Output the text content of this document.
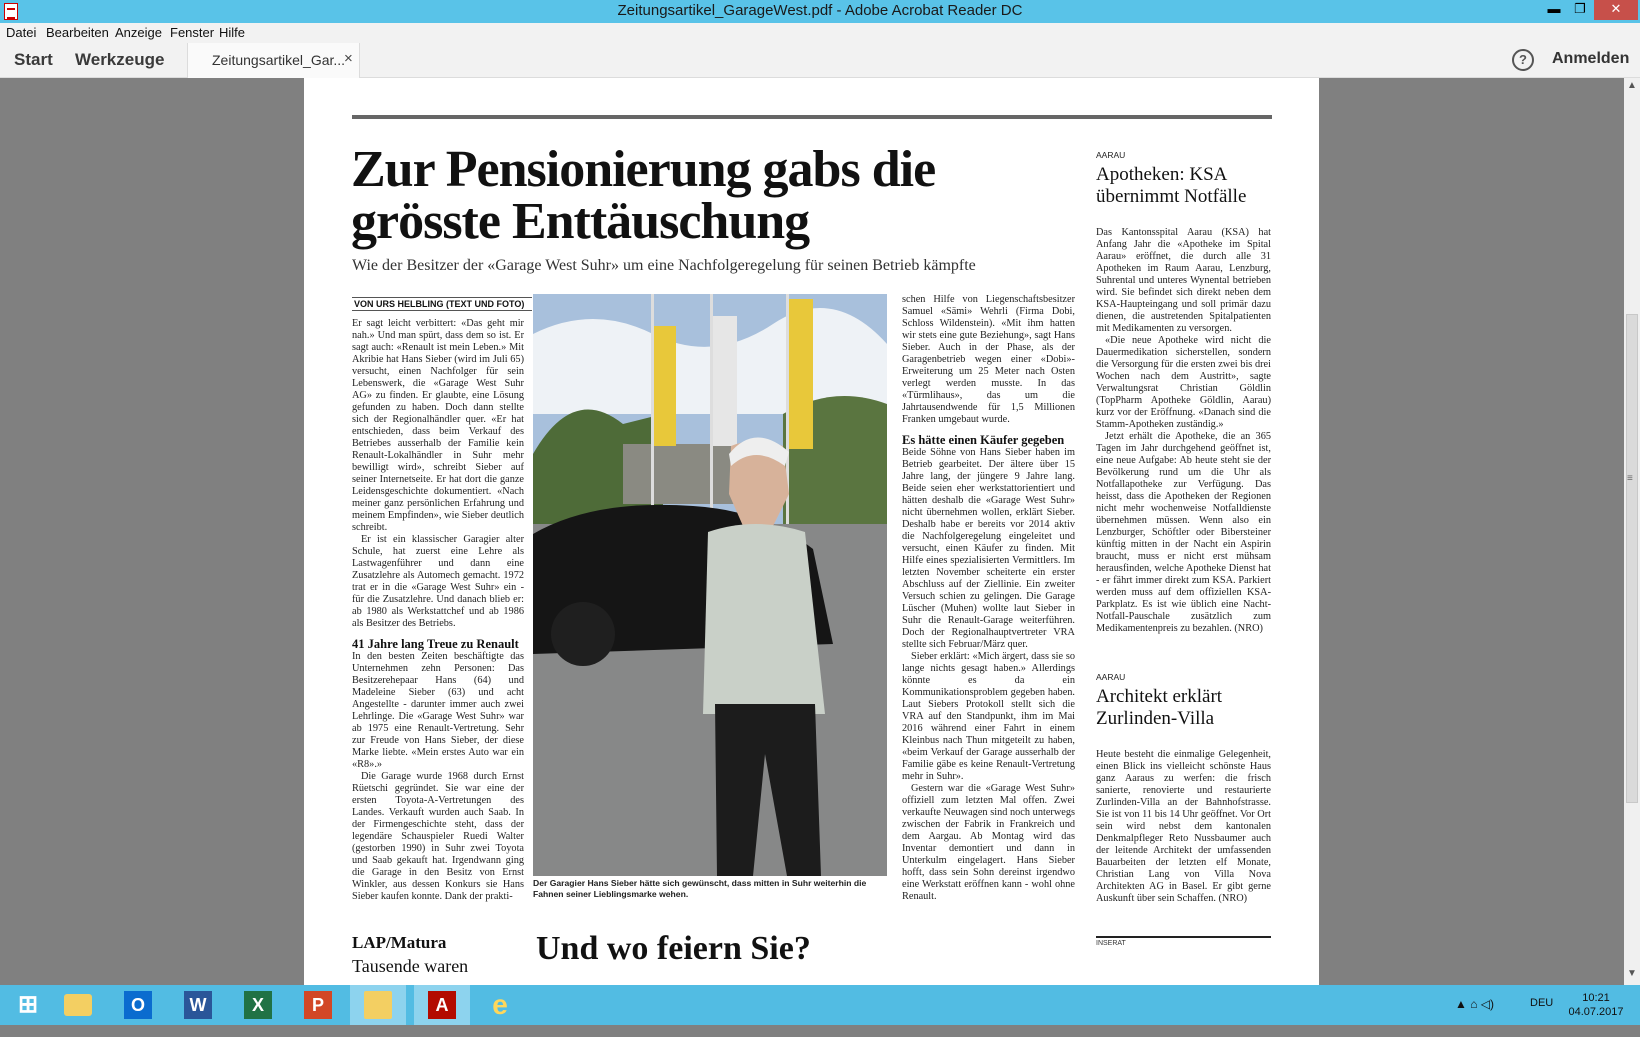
Zeitungsartikel_GarageWest.pdf - Adobe Acrobat Reader DC	▬	❐	✕
Datei Bearbeiten Anzeige Fenster Hilfe
Start Werkzeuge	Zeitungsartikel_Gar...
×	?	Anmelden
Zur Pensionierung gabs die grösste Enttäuschung
Wie der Besitzer der «Garage West Suhr» um eine Nachfolgeregelung für seinen Betrieb kämpfte
VON URS HELBLING (TEXT UND FOTO)

Er sagt leicht verbittert: «Das geht mir nah.» Und man spürt, dass dem so ist. Er sagt auch: «Renault ist mein Leben.» Mit Akribie hat Hans Sieber (wird im Juli 65) versucht, einen Nachfolger für sein Lebenswerk, die «Garage West Suhr AG» zu finden. Er glaubte, eine Lösung gefunden zu haben. Doch dann stellte sich der Regionalhändler quer. «Er hat entschieden, dass beim Verkauf des Betriebes ausserhalb der Familie kein Renault-Lokalhändler in Suhr mehr bewilligt wird», schreibt Sieber auf seiner Internetseite. Er hat dort die ganze Leidensgeschichte dokumentiert. «Nach meiner ganz persönlichen Erfahrung und meinem Empfinden», wie Sieber deutlich schreibt.

Er ist ein klassischer Garagier alter Schule, hat zuerst eine Lehre als Lastwagenführer und dann eine Zusatzlehre als Automech gemacht. 1972 trat er in die «Garage West Suhr» ein - für die Zusatzlehre. Und danach blieb er: ab 1980 als Werkstattchef und ab 1986 als Besitzer des Betriebs.

41 Jahre lang Treue zu Renault

In den besten Zeiten beschäftigte das Unternehmen zehn Personen: Das Besitzerehepaar Hans (64) und Madeleine Sieber (63) und acht Angestellte - darunter immer auch zwei Lehrlinge. Die «Garage West Suhr» war ab 1975 eine Renault-Vertretung. Sehr zur Freude von Hans Sieber, der diese Marke liebte. «Mein erstes Auto war ein «R8».»

Die Garage wurde 1968 durch Ernst Rüetschi gegründet. Sie war eine der ersten Toyota-A-Vertretungen des Landes. Verkauft wurden auch Saab. In der Firmengeschichte steht, dass der legendäre Schauspieler Ruedi Walter (gestorben 1990) in Suhr zwei Toyota und Saab gekauft hat. Irgendwann ging die Garage in den Besitz von Ernst Winkler, aus dessen Konkurs sie Hans Sieber kaufen konnte. Dank der prakti-

Der Garagier Hans Sieber hätte sich gewünscht, dass mitten in Suhr weiterhin die Fahnen seiner Lieblingsmarke wehen.

schen Hilfe von Liegenschaftsbesitzer Samuel «Sämi» Wehrli (Firma Dobi, Schloss Wildenstein). «Mit ihm hatten wir stets eine gute Beziehung», sagt Hans Sieber. Auch in der Phase, als der Garagenbetrieb wegen einer «Dobi»-Erweiterung um 25 Meter nach Osten verlegt werden musste. In das «Türmlihaus», das um die Jahrtausendwende für 1,5 Millionen Franken umgebaut wurde.

Es hätte einen Käufer gegeben

Beide Söhne von Hans Sieber haben im Betrieb gearbeitet. Der ältere über 15 Jahre lang, der jüngere 9 Jahre lang. Beide seien eher werkstattorientiert und hätten deshalb die «Garage West Suhr» nicht übernehmen wollen, erklärt Sieber. Deshalb habe er bereits vor 2014 aktiv die Nachfolgeregelung eingeleitet und versucht, einen Käufer zu finden. Mit Hilfe eines spezialisierten Vermittlers. Im letzten November scheiterte ein erster Abschluss auf der Ziellinie. Ein zweiter Versuch schien zu gelingen. Die Garage Lüscher (Muhen) wollte laut Sieber in Suhr die Renault-Garage weiterführen. Doch der Regionalhauptvertreter VRA stellte sich Februar/März quer.

Sieber erklärt: «Mich ärgert, dass sie so lange nichts gesagt haben.» Allerdings könnte es da ein Kommunikationsproblem gegeben haben. Laut Siebers Protokoll stellt sich die VRA auf den Standpunkt, ihm im Mai 2016 während einer Fahrt in einem Kleinbus nach Thun mitgeteilt zu haben, «beim Verkauf der Garage ausserhalb der Familie gäbe es keine Renault-Vertretung mehr in Suhr».

Gestern war die «Garage West Suhr» offiziell zum letzten Mal offen. Zwei verkaufte Neuwagen sind noch unterwegs zwischen der Fabrik in Frankreich und dem Aargau. Ab Montag wird das Inventar demontiert und dann in Unterkulm eingelagert. Hans Sieber hofft, dass sein Sohn dereinst irgendwo eine Werkstatt eröffnen kann - wohl ohne Renault.

AARAU
Apotheken: KSA übernimmt Notfälle

Das Kantonsspital Aarau (KSA) hat Anfang Jahr die «Apotheke im Spital Aarau» eröffnet, die durch alle 31 Apotheken im Raum Aarau, Lenzburg, Suhrental und unteres Wynental betrieben wird. Sie befindet sich direkt neben dem KSA-Haupteingang und soll primär dazu dienen, die austretenden Spitalpatienten mit Medikamenten zu versorgen.

«Die neue Apotheke wird nicht die Dauermedikation sicherstellen, sondern die Versorgung für die ersten zwei bis drei Wochen nach dem Austritt», sagte Verwaltungsrat Christian Göldlin (TopPharm Apotheke Göldlin, Aarau) kurz vor der Eröffnung. «Danach sind die Stamm-Apotheken zuständig.»

Jetzt erhält die Apotheke, die an 365 Tagen im Jahr durchgehend geöffnet ist, eine neue Aufgabe: Ab heute steht sie der Bevölkerung rund um die Uhr als Notfallapotheke zur Verfügung. Das heisst, dass die Apotheken der Regionen nicht mehr wochenweise Notfalldienste übernehmen müssen. Wenn also ein Lenzburger, Schöftler oder Bibersteiner künftig mitten in der Nacht ein Aspirin braucht, muss er nicht erst mühsam herausfinden, welche Apotheke Dienst hat - er fährt immer direkt zum KSA. Parkiert werden muss auf dem offiziellen KSA-Parkplatz. Es ist wie üblich eine Nacht-Notfall-Pauschale zusätzlich zum Medikamentenpreis zu bezahlen. (NRO)

AARAU
Architekt erklärt Zurlinden-Villa

Heute besteht die einmalige Gelegenheit, einen Blick ins vielleicht schönste Haus ganz Aaraus zu werfen: die frisch sanierte, renovierte und restaurierte Zurlinden-Villa an der Bahnhofstrasse. Sie ist von 11 bis 14 Uhr geöffnet. Vor Ort sein wird nebst dem kantonalen Denkmalpfleger Reto Nussbaumer auch der leitende Architekt der umfassenden Bauarbeiten der letzten elf Monate, Christian Lang von Villa Nova Architekten AG in Basel. Er gibt gerne Auskunft über sein Schaffen. (NRO)

INSERAT
LAP/Matura
Tausende waren Und wo feiern Sie?
▲
≡
▼
⊞	O	W	X	P	A e	▲ ⌂ ◁)	DEU	10:21
04.07.2017
